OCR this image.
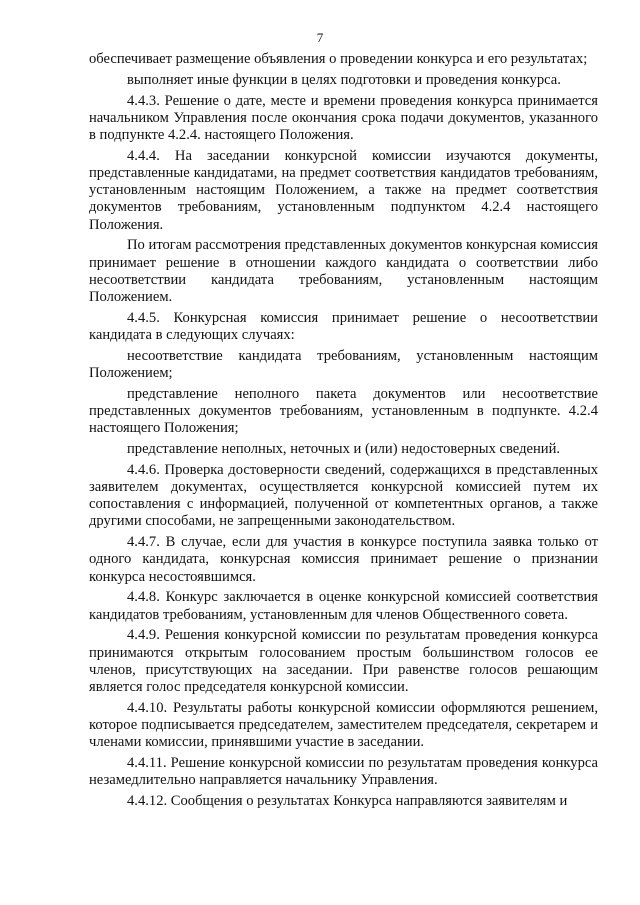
7

обеспечивает размещение объявления о проведении конкурса и его результатах;

выполняет иные функции в целях подготовки и проведения конкурса.

4.4.3. Решение о дате, месте и времени проведения конкурса принимается начальником Управления после окончания срока подачи документов, указанного в подпункте 4.2.4. настоящего Положения.

4.4.4. На заседании конкурсной комиссии изучаются документы, представленные кандидатами, на предмет соответствия кандидатов требованиям, установленным настоящим Положением, а также на предмет соответствия документов требованиям, установленным подпунктом 4.2.4 настоящего Положения.

По итогам рассмотрения представленных документов конкурсная комиссия принимает решение в отношении каждого кандидата о соответствии либо несоответствии кандидата требованиям, установленным настоящим Положением.

4.4.5. Конкурсная комиссия принимает решение о несоответствии кандидата в следующих случаях:

несоответствие кандидата требованиям, установленным настоящим Положением;

представление неполного пакета документов или несоответствие представленных документов требованиям, установленным в подпункте. 4.2.4 настоящего Положения;

представление неполных, неточных и (или) недостоверных сведений.

4.4.6. Проверка достоверности сведений, содержащихся в представленных заявителем документах, осуществляется конкурсной комиссией путем их сопоставления с информацией, полученной от компетентных органов, а также другими способами, не запрещенными законодательством.

4.4.7. В случае, если для участия в конкурсе поступила заявка только от одного кандидата, конкурсная комиссия принимает решение о признании конкурса несостоявшимся.

4.4.8. Конкурс заключается в оценке конкурсной комиссией соответствия кандидатов требованиям, установленным для членов Общественного совета.

4.4.9. Решения конкурсной комиссии по результатам проведения конкурса принимаются открытым голосованием простым большинством голосов ее членов, присутствующих на заседании. При равенстве голосов решающим является голос председателя конкурсной комиссии.

4.4.10. Результаты работы конкурсной комиссии оформляются решением, которое подписывается председателем, заместителем председателя, секретарем и членами комиссии, принявшими участие в заседании.

4.4.11. Решение конкурсной комиссии по результатам проведения конкурса незамедлительно направляется начальнику Управления.

4.4.12. Сообщения о результатах Конкурса направляются заявителям и
